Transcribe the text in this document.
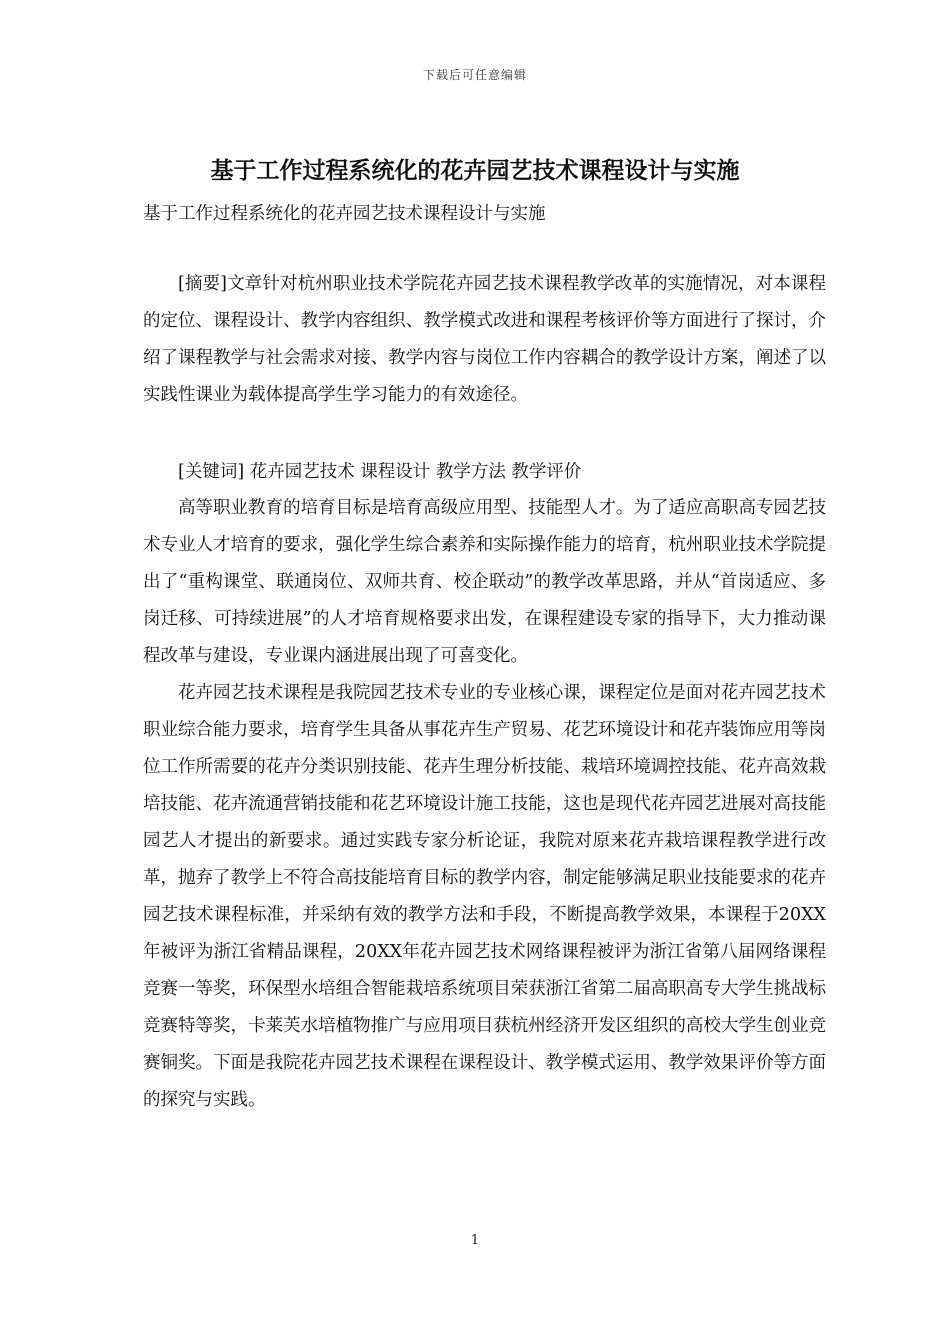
下载后可任意编辑
基于工作过程系统化的花卉园艺技术课程设计与实施
基于工作过程系统化的花卉园艺技术课程设计与实施

[摘要]文章针对杭州职业技术学院花卉园艺技术课程教学改革的实施情况，对本课程的定位、课程设计、教学内容组织、教学模式改进和课程考核评价等方面进行了探讨，介绍了课程教学与社会需求对接、教学内容与岗位工作内容耦合的教学设计方案，阐述了以实践性课业为载体提高学生学习能力的有效途径。

[关键词] 花卉园艺技术 课程设计 教学方法 教学评价

高等职业教育的培育目标是培育高级应用型、技能型人才。为了适应高职高专园艺技术专业人才培育的要求，强化学生综合素养和实际操作能力的培育，杭州职业技术学院提出了“重构课堂、联通岗位、双师共育、校企联动”的教学改革思路，并从“首岗适应、多岗迁移、可持续进展”的人才培育规格要求出发，在课程建设专家的指导下，大力推动课程改革与建设，专业课内涵进展出现了可喜变化。

花卉园艺技术课程是我院园艺技术专业的专业核心课，课程定位是面对花卉园艺技术职业综合能力要求，培育学生具备从事花卉生产贸易、花艺环境设计和花卉装饰应用等岗位工作所需要的花卉分类识别技能、花卉生理分析技能、栽培环境调控技能、花卉高效栽培技能、花卉流通营销技能和花艺环境设计施工技能，这也是现代花卉园艺进展对高技能园艺人才提出的新要求。通过实践专家分析论证，我院对原来花卉栽培课程教学进行改革，抛弃了教学上不符合高技能培育目标的教学内容，制定能够满足职业技能要求的花卉园艺技术课程标准，并采纳有效的教学方法和手段，不断提高教学效果，本课程于20XX年被评为浙江省精品课程，20XX年花卉园艺技术网络课程被评为浙江省第八届网络课程竞赛一等奖，环保型水培组合智能栽培系统项目荣获浙江省第二届高职高专大学生挑战标竞赛特等奖，卡莱芙水培植物推广与应用项目获杭州经济开发区组织的高校大学生创业竞赛铜奖。下面是我院花卉园艺技术课程在课程设计、教学模式运用、教学效果评价等方面的探究与实践。

1
